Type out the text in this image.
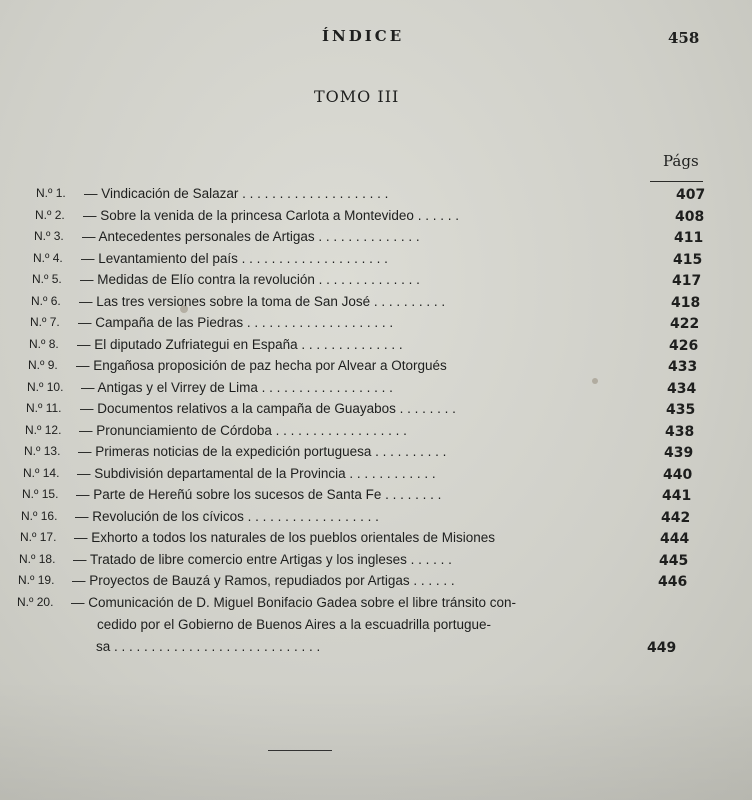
ÍNDICE	458
TOMO III
Págs
N.º 1. — Vindicación de Salazar . . . . . . . . . . . . . . . . . . . .	407
N.º 2. — Sobre la venida de la princesa Carlota a Montevideo . . . . . .	408
N.º 3. — Antecedentes personales de Artigas . . . . . . . . . . . . . .	411
N.º 4. — Levantamiento del país . . . . . . . . . . . . . . . . . . . .	415
N.º 5. — Medidas de Elío contra la revolución . . . . . . . . . . . . . .	417
N.º 6. — Las tres versiones sobre la toma de San José . . . . . . . . . .	418
N.º 7. — Campaña de las Piedras . . . . . . . . . . . . . . . . . . . .	422
N.º 8. — El diputado Zufriategui en España . . . . . . . . . . . . . .	426
N.º 9. — Engañosa proposición de paz hecha por Alvear a Otorgués	433
N.º 10. — Antigas y el Virrey de Lima . . . . . . . . . . . . . . . . . .	434
N.º 11. — Documentos relativos a la campaña de Guayabos . . . . . . . .	435
N.º 12. — Pronunciamiento de Córdoba . . . . . . . . . . . . . . . . . .	438
N.º 13. — Primeras noticias de la expedición portuguesa . . . . . . . . . .	439
N.º 14. — Subdivisión departamental de la Provincia . . . . . . . . . . . .	440
N.º 15. — Parte de Hereñú sobre los sucesos de Santa Fe . . . . . . . .	441
N.º 16. — Revolución de los cívicos . . . . . . . . . . . . . . . . . .	442
N.º 17. — Exhorto a todos los naturales de los pueblos orientales de Misiones	444
N.º 18. — Tratado de libre comercio entre Artigas y los ingleses . . . . . .	445
N.º 19. — Proyectos de Bauzá y Ramos, repudiados por Artigas . . . . . .	446
N.º 20. — Comunicación de D. Miguel Bonifacio Gadea sobre el libre tránsito con-
cedido por el Gobierno de Buenos Aires a la escuadrilla portugue-
sa . . . . . . . . . . . . . . . . . . . . . . . . . . . .	449
